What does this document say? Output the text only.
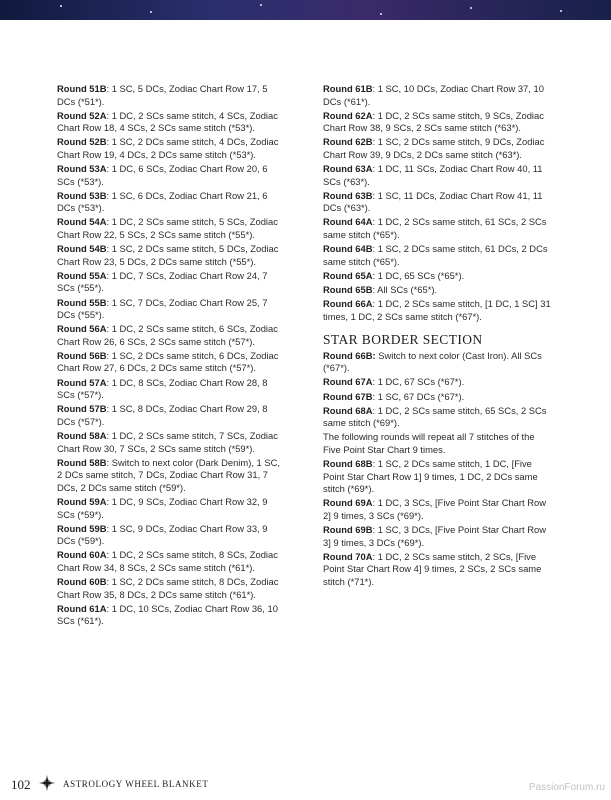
Round 51B: 1 SC, 5 DCs, Zodiac Chart Row 17, 5 DCs (*51*).

Round 52A: 1 DC, 2 SCs same stitch, 4 SCs, Zodiac Chart Row 18, 4 SCs, 2 SCs same stitch (*53*).

Round 52B: 1 SC, 2 DCs same stitch, 4 DCs, Zodiac Chart Row 19, 4 DCs, 2 DCs same stitch (*53*).

Round 53A: 1 DC, 6 SCs, Zodiac Chart Row 20, 6 SCs (*53*).

Round 53B: 1 SC, 6 DCs, Zodiac Chart Row 21, 6 DCs (*53*).

Round 54A: 1 DC, 2 SCs same stitch, 5 SCs, Zodiac Chart Row 22, 5 SCs, 2 SCs same stitch (*55*).

Round 54B: 1 SC, 2 DCs same stitch, 5 DCs, Zodiac Chart Row 23, 5 DCs, 2 DCs same stitch (*55*).

Round 55A: 1 DC, 7 SCs, Zodiac Chart Row 24, 7 SCs (*55*).

Round 55B: 1 SC, 7 DCs, Zodiac Chart Row 25, 7 DCs (*55*).

Round 56A: 1 DC, 2 SCs same stitch, 6 SCs, Zodiac Chart Row 26, 6 SCs, 2 SCs same stitch (*57*).

Round 56B: 1 SC, 2 DCs same stitch, 6 DCs, Zodiac Chart Row 27, 6 DCs, 2 DCs same stitch (*57*).

Round 57A: 1 DC, 8 SCs, Zodiac Chart Row 28, 8 SCs (*57*).

Round 57B: 1 SC, 8 DCs, Zodiac Chart Row 29, 8 DCs (*57*).

Round 58A: 1 DC, 2 SCs same stitch, 7 SCs, Zodiac Chart Row 30, 7 SCs, 2 SCs same stitch (*59*).

Round 58B: Switch to next color (Dark Denim), 1 SC, 2 DCs same stitch, 7 DCs, Zodiac Chart Row 31, 7 DCs, 2 DCs same stitch (*59*).

Round 59A: 1 DC, 9 SCs, Zodiac Chart Row 32, 9 SCs (*59*).

Round 59B: 1 SC, 9 DCs, Zodiac Chart Row 33, 9 DCs (*59*).

Round 60A: 1 DC, 2 SCs same stitch, 8 SCs, Zodiac Chart Row 34, 8 SCs, 2 SCs same stitch (*61*).

Round 60B: 1 SC, 2 DCs same stitch, 8 DCs, Zodiac Chart Row 35, 8 DCs, 2 DCs same stitch (*61*).

Round 61A: 1 DC, 10 SCs, Zodiac Chart Row 36, 10 SCs (*61*).

Round 61B: 1 SC, 10 DCs, Zodiac Chart Row 37, 10 DCs (*61*).

Round 62A: 1 DC, 2 SCs same stitch, 9 SCs, Zodiac Chart Row 38, 9 SCs, 2 SCs same stitch (*63*).

Round 62B: 1 SC, 2 DCs same stitch, 9 DCs, Zodiac Chart Row 39, 9 DCs, 2 DCs same stitch (*63*).

Round 63A: 1 DC, 11 SCs, Zodiac Chart Row 40, 11 SCs (*63*).

Round 63B: 1 SC, 11 DCs, Zodiac Chart Row 41, 11 DCs (*63*).

Round 64A: 1 DC, 2 SCs same stitch, 61 SCs, 2 SCs same stitch (*65*).

Round 64B: 1 SC, 2 DCs same stitch, 61 DCs, 2 DCs same stitch (*65*).

Round 65A: 1 DC, 65 SCs (*65*).

Round 65B: All SCs (*65*).

Round 66A: 1 DC, 2 SCs same stitch, [1 DC, 1 SC] 31 times, 1 DC, 2 SCs same stitch (*67*).

STAR BORDER SECTION

Round 66B: Switch to next color (Cast Iron). All SCs (*67*).

Round 67A: 1 DC, 67 SCs (*67*).

Round 67B: 1 SC, 67 DCs (*67*).

Round 68A: 1 DC, 2 SCs same stitch, 65 SCs, 2 SCs same stitch (*69*).

The following rounds will repeat all 7 stitches of the Five Point Star Chart 9 times.

Round 68B: 1 SC, 2 DCs same stitch, 1 DC, [Five Point Star Chart Row 1] 9 times, 1 DC, 2 DCs same stitch (*69*).

Round 69A: 1 DC, 3 SCs, [Five Point Star Chart Row 2] 9 times, 3 SCs (*69*).

Round 69B: 1 SC, 3 DCs, [Five Point Star Chart Row 3] 9 times, 3 DCs (*69*).

Round 70A: 1 DC, 2 SCs same stitch, 2 SCs, [Five Point Star Chart Row 4] 9 times, 2 SCs, 2 SCs same stitch (*71*).

102	ASTROLOGY WHEEL BLANKET	PassionForum.ru
